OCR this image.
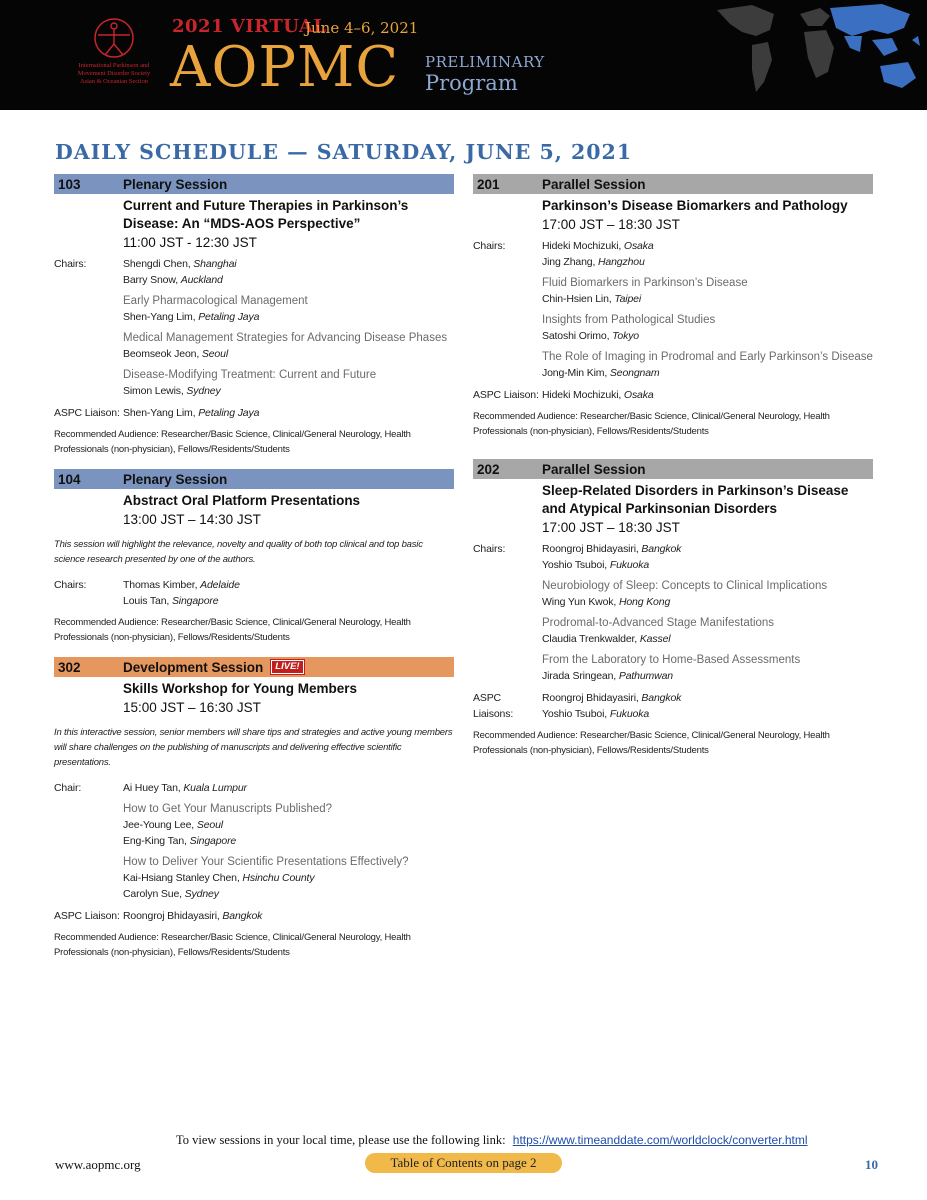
International Parkinson and
Movement Disorder Society
Asian & Oceanian Section
2021 VIRTUAL
June 4–6, 2021
AOPMC PRELIMINARY
Program
DAILY SCHEDULE — SATURDAY, JUNE 5, 2021
103	Plenary Session
Current and Future Therapies in Parkinson’s Disease: An “MDS-AOS Perspective”
11:00 JST - 12:30 JST
Chairs:	Shengdi Chen, Shanghai
Barry Snow, Auckland
Early Pharmacological Management
Shen-Yang Lim, Petaling Jaya
Medical Management Strategies for Advancing Disease Phases
Beomseok Jeon, Seoul
Disease-Modifying Treatment: Current and Future
Simon Lewis, Sydney
ASPC Liaison: Shen-Yang Lim, Petaling Jaya
Recommended Audience: Researcher/Basic Science, Clinical/General Neurology, Health Professionals (non-physician), Fellows/Residents/Students
104	Plenary Session
Abstract Oral Platform Presentations
13:00 JST – 14:30 JST
This session will highlight the relevance, novelty and quality of both top clinical and top basic science research presented by one of the authors.
Chairs:	Thomas Kimber, Adelaide
Louis Tan, Singapore
Recommended Audience: Researcher/Basic Science, Clinical/General Neurology, Health Professionals (non-physician), Fellows/Residents/Students
302	Development Session	LIVE!
Skills Workshop for Young Members
15:00 JST – 16:30 JST
In this interactive session, senior members will share tips and strategies and active young members will share challenges on the publishing of manuscripts and delivering effective scientific presentations.
Chair:	Ai Huey Tan, Kuala Lumpur
How to Get Your Manuscripts Published?
Jee-Young Lee, Seoul
Eng-King Tan, Singapore
How to Deliver Your Scientific Presentations Effectively?
Kai-Hsiang Stanley Chen, Hsinchu County
Carolyn Sue, Sydney
ASPC Liaison: Roongroj Bhidayasiri, Bangkok
Recommended Audience: Researcher/Basic Science, Clinical/General Neurology, Health Professionals (non-physician), Fellows/Residents/Students
201	Parallel Session
Parkinson’s Disease Biomarkers and Pathology
17:00 JST – 18:30 JST
Chairs:	Hideki Mochizuki, Osaka
Jing Zhang, Hangzhou
Fluid Biomarkers in Parkinson’s Disease
Chin-Hsien Lin, Taipei
Insights from Pathological Studies
Satoshi Orimo, Tokyo
The Role of Imaging in Prodromal and Early Parkinson’s Disease
Jong-Min Kim, Seongnam
ASPC Liaison: Hideki Mochizuki, Osaka
Recommended Audience: Researcher/Basic Science, Clinical/General Neurology, Health Professionals (non-physician), Fellows/Residents/Students
202	Parallel Session
Sleep-Related Disorders in Parkinson’s Disease and Atypical Parkinsonian Disorders
17:00 JST – 18:30 JST
Chairs:	Roongroj Bhidayasiri, Bangkok
Yoshio Tsuboi, Fukuoka
Neurobiology of Sleep: Concepts to Clinical Implications
Wing Yun Kwok, Hong Kong
Prodromal-to-Advanced Stage Manifestations
Claudia Trenkwalder, Kassel
From the Laboratory to Home-Based Assessments
Jirada Sringean, Pathumwan
ASPC Liaisons:
Roongroj Bhidayasiri, Bangkok
Yoshio Tsuboi, Fukuoka
Recommended Audience: Researcher/Basic Science, Clinical/General Neurology, Health Professionals (non-physician), Fellows/Residents/Students
To view sessions in your local time, please use the following link: https://www.timeanddate.com/worldclock/converter.html
www.aopmc.org	Table of Contents on page 2	10
